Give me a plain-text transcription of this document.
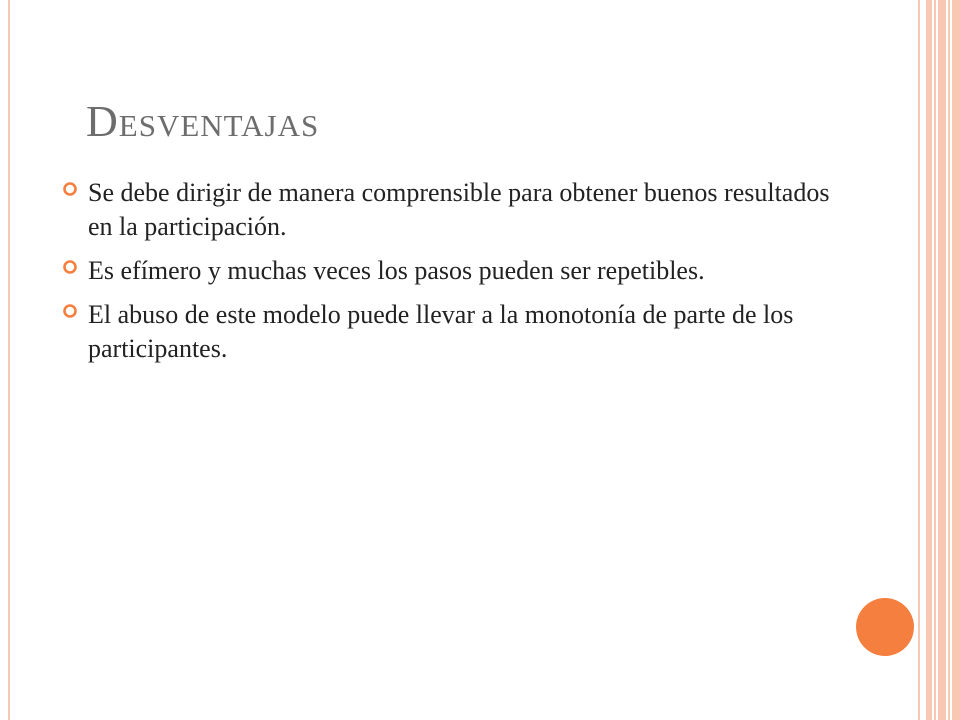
Desventajas
Se debe dirigir de manera comprensible para obtener buenos resultados en la participación.
Es efímero y muchas veces los pasos pueden ser repetibles.
El abuso de este modelo puede llevar a la monotonía de parte de los participantes.
